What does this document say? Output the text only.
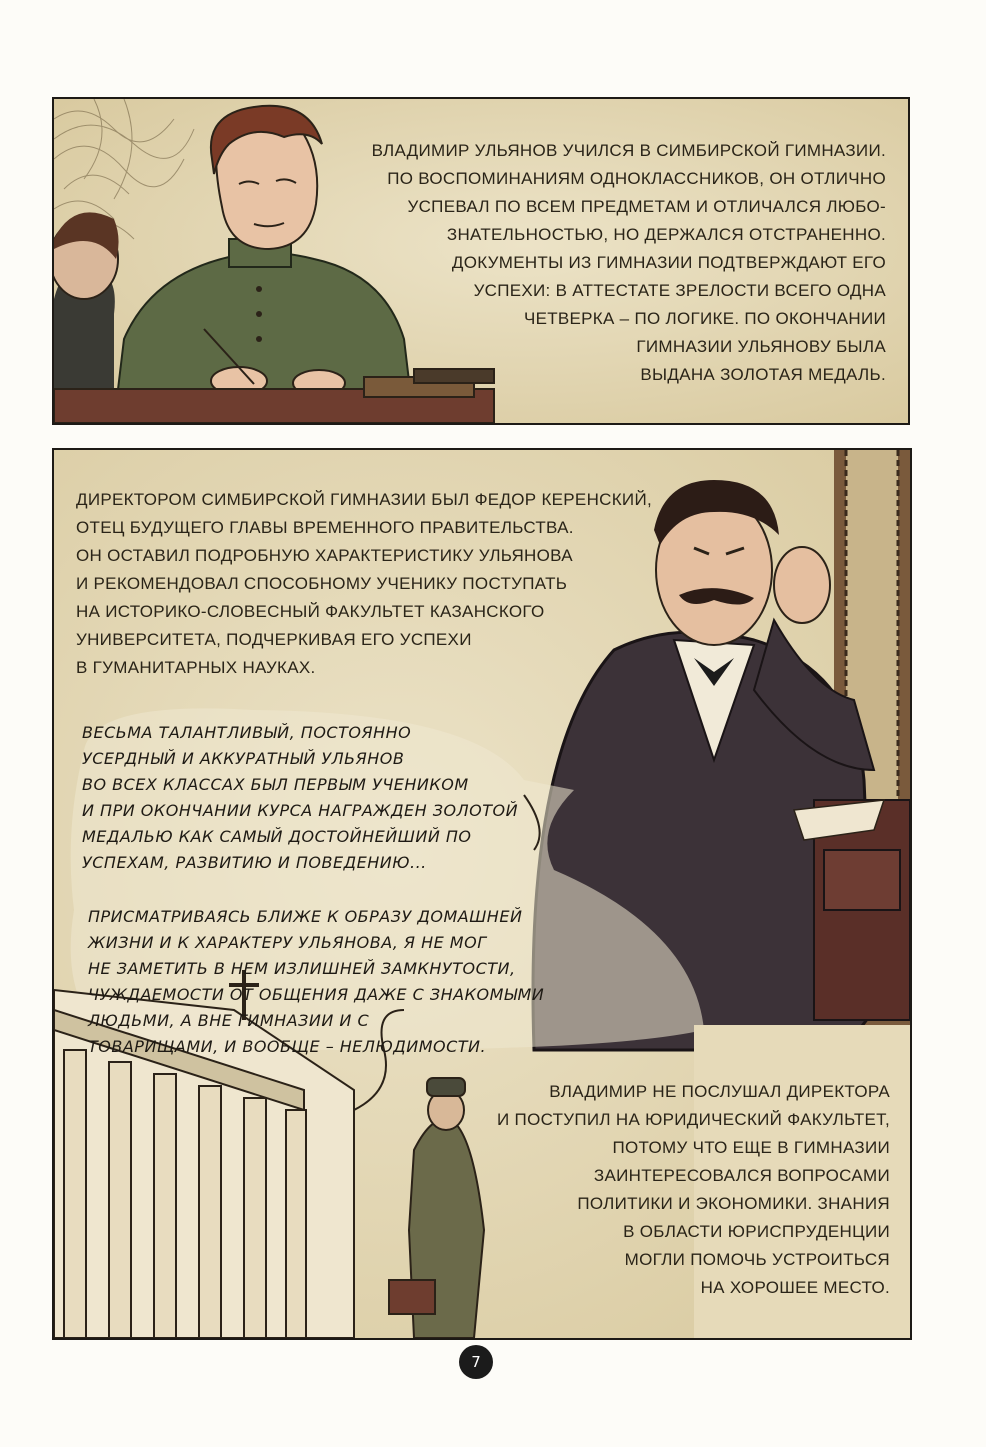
ВЛАДИМИР УЛЬЯНОВ УЧИЛСЯ В СИМБИРСКОЙ ГИМНАЗИИ.
ПО ВОСПОМИНАНИЯМ ОДНОКЛАССНИКОВ, ОН ОТЛИЧНО
УСПЕВАЛ ПО ВСЕМ ПРЕДМЕТАМ И ОТЛИЧАЛСЯ ЛЮБО-
ЗНАТЕЛЬНОСТЬЮ, НО ДЕРЖАЛСЯ ОТСТРАНЕННО.
ДОКУМЕНТЫ ИЗ ГИМНАЗИИ ПОДТВЕРЖДАЮТ ЕГО
УСПЕХИ: В АТТЕСТАТЕ ЗРЕЛОСТИ ВСЕГО ОДНА
ЧЕТВЕРКА – ПО ЛОГИКЕ. ПО ОКОНЧАНИИ
ГИМНАЗИИ УЛЬЯНОВУ БЫЛА
ВЫДАНА ЗОЛОТАЯ МЕДАЛЬ.
ДИРЕКТОРОМ СИМБИРСКОЙ ГИМНАЗИИ БЫЛ ФЕДОР КЕРЕНСКИЙ,
ОТЕЦ БУДУЩЕГО ГЛАВЫ ВРЕМЕННОГО ПРАВИТЕЛЬСТВА.
ОН ОСТАВИЛ ПОДРОБНУЮ ХАРАКТЕРИСТИКУ УЛЬЯНОВА
И РЕКОМЕНДОВАЛ СПОСОБНОМУ УЧЕНИКУ ПОСТУПАТЬ
НА ИСТОРИКО-СЛОВЕСНЫЙ ФАКУЛЬТЕТ КАЗАНСКОГО
УНИВЕРСИТЕТА, ПОДЧЕРКИВАЯ ЕГО УСПЕХИ
В ГУМАНИТАРНЫХ НАУКАХ.
ВЕСЬМА ТАЛАНТЛИВЫЙ, ПОСТОЯННО
УСЕРДНЫЙ И АККУРАТНЫЙ УЛЬЯНОВ
ВО ВСЕХ КЛАССАХ БЫЛ ПЕРВЫМ УЧЕНИКОМ
И ПРИ ОКОНЧАНИИ КУРСА НАГРАЖДЕН ЗОЛОТОЙ
МЕДАЛЬЮ КАК САМЫЙ ДОСТОЙНЕЙШИЙ ПО
УСПЕХАМ, РАЗВИТИЮ И ПОВЕДЕНИЮ...
ПРИСМАТРИВАЯСЬ БЛИЖЕ К ОБРАЗУ ДОМАШНЕЙ
ЖИЗНИ И К ХАРАКТЕРУ УЛЬЯНОВА, Я НЕ МОГ
НЕ ЗАМЕТИТЬ В НЕМ ИЗЛИШНЕЙ ЗАМКНУТОСТИ,
ЧУЖДАЕМОСТИ ОТ ОБЩЕНИЯ ДАЖЕ С ЗНАКОМЫМИ
ЛЮДЬМИ, А ВНЕ ГИМНАЗИИ И С
ТОВАРИЩАМИ, И ВООБЩЕ – НЕЛЮДИМОСТИ.
ВЛАДИМИР НЕ ПОСЛУШАЛ ДИРЕКТОРА
И ПОСТУПИЛ НА ЮРИДИЧЕСКИЙ ФАКУЛЬТЕТ,
ПОТОМУ ЧТО ЕЩЕ В ГИМНАЗИИ
ЗАИНТЕРЕСОВАЛСЯ ВОПРОСАМИ
ПОЛИТИКИ И ЭКОНОМИКИ. ЗНАНИЯ
В ОБЛАСТИ ЮРИСПРУДЕНЦИИ
МОГЛИ ПОМОЧЬ УСТРОИТЬСЯ
НА ХОРОШЕЕ МЕСТО.
7
